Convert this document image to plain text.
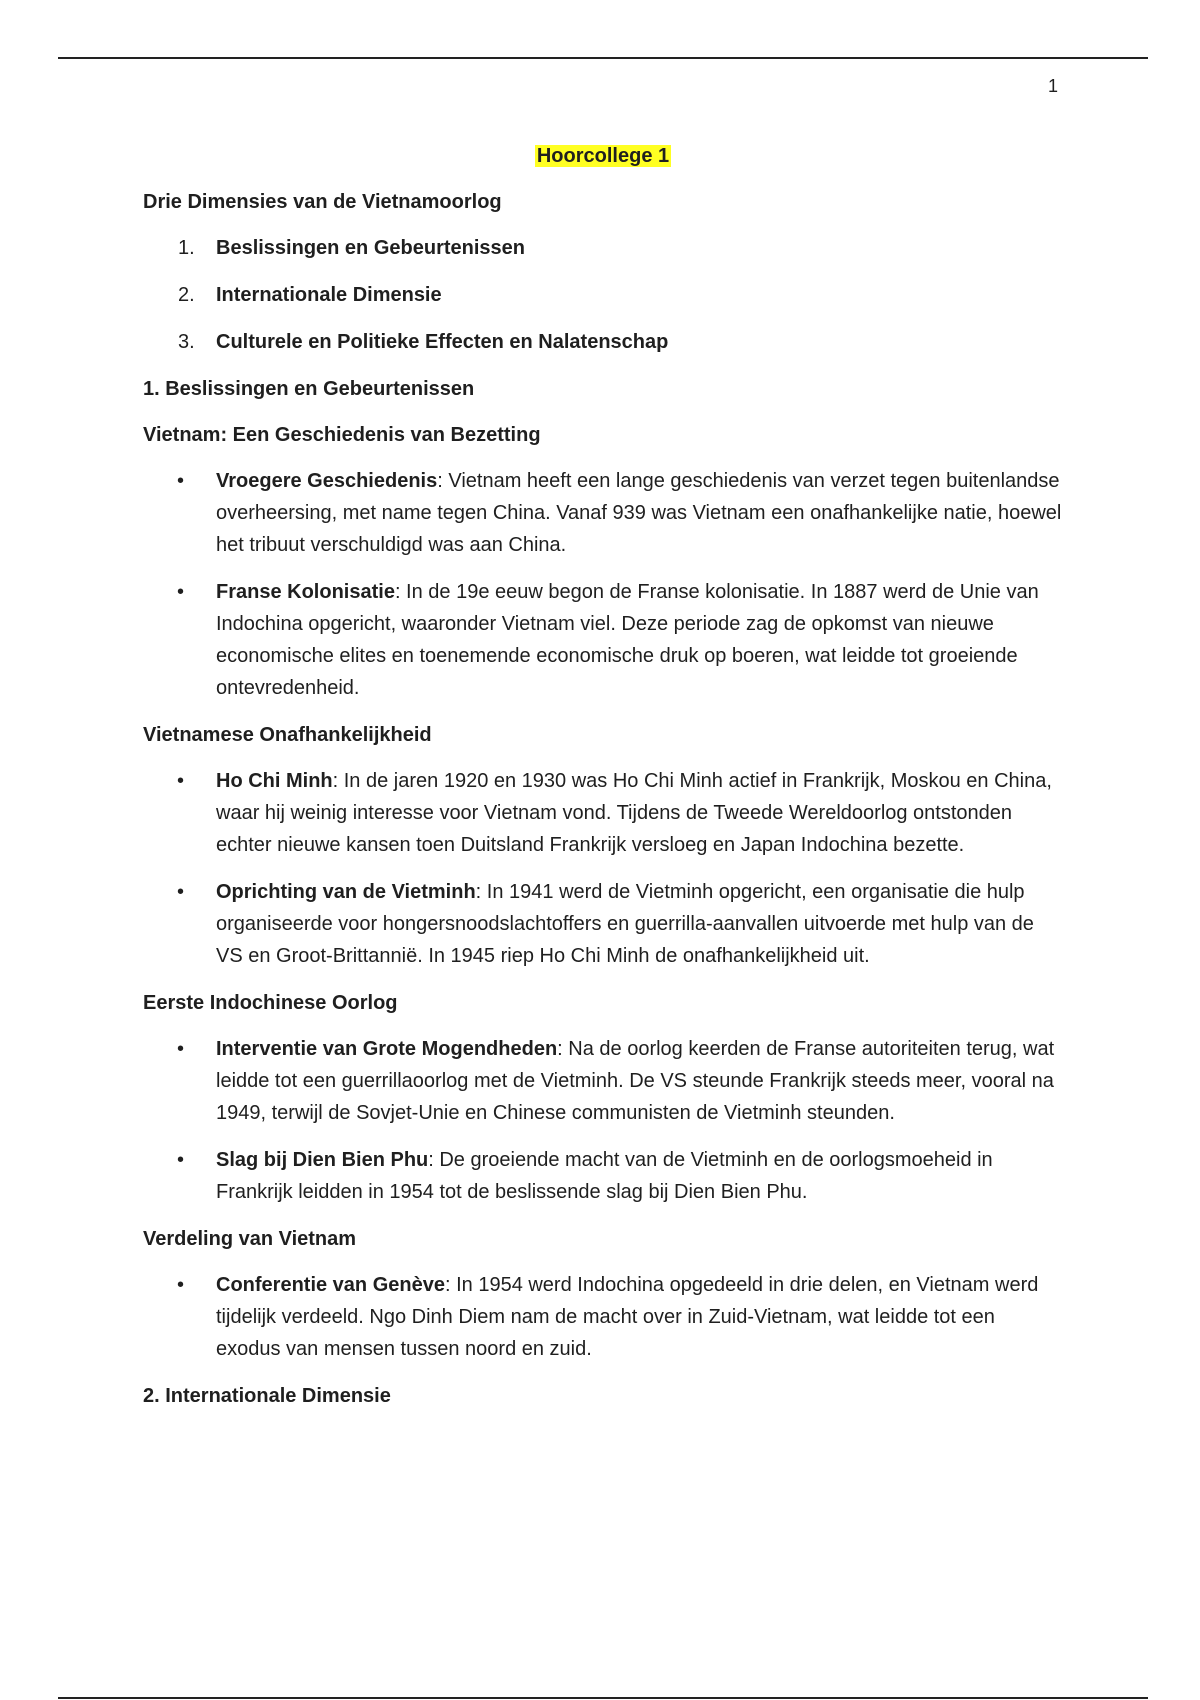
1
Hoorcollege 1
Drie Dimensies van de Vietnamoorlog
1. Beslissingen en Gebeurtenissen
2. Internationale Dimensie
3. Culturele en Politieke Effecten en Nalatenschap
1. Beslissingen en Gebeurtenissen
Vietnam: Een Geschiedenis van Bezetting
• Vroegere Geschiedenis: Vietnam heeft een lange geschiedenis van verzet tegen buitenlandse overheersing, met name tegen China. Vanaf 939 was Vietnam een onafhankelijke natie, hoewel het tribuut verschuldigd was aan China.
• Franse Kolonisatie: In de 19e eeuw begon de Franse kolonisatie. In 1887 werd de Unie van Indochina opgericht, waaronder Vietnam viel. Deze periode zag de opkomst van nieuwe economische elites en toenemende economische druk op boeren, wat leidde tot groeiende ontevredenheid.
Vietnamese Onafhankelijkheid
• Ho Chi Minh: In de jaren 1920 en 1930 was Ho Chi Minh actief in Frankrijk, Moskou en China, waar hij weinig interesse voor Vietnam vond. Tijdens de Tweede Wereldoorlog ontstonden echter nieuwe kansen toen Duitsland Frankrijk versloeg en Japan Indochina bezette.
• Oprichting van de Vietminh: In 1941 werd de Vietminh opgericht, een organisatie die hulp organiseerde voor hongersnoodslachtoffers en guerrilla-aanvallen uitvoerde met hulp van de VS en Groot-Brittannië. In 1945 riep Ho Chi Minh de onafhankelijkheid uit.
Eerste Indochinese Oorlog
• Interventie van Grote Mogendheden: Na de oorlog keerden de Franse autoriteiten terug, wat leidde tot een guerrillaoorlog met de Vietminh. De VS steunde Frankrijk steeds meer, vooral na 1949, terwijl de Sovjet-Unie en Chinese communisten de Vietminh steunden.
• Slag bij Dien Bien Phu: De groeiende macht van de Vietminh en de oorlogsmoeheid in Frankrijk leidden in 1954 tot de beslissende slag bij Dien Bien Phu.
Verdeling van Vietnam
• Conferentie van Genève: In 1954 werd Indochina opgedeeld in drie delen, en Vietnam werd tijdelijk verdeeld. Ngo Dinh Diem nam de macht over in Zuid-Vietnam, wat leidde tot een exodus van mensen tussen noord en zuid.
2. Internationale Dimensie
